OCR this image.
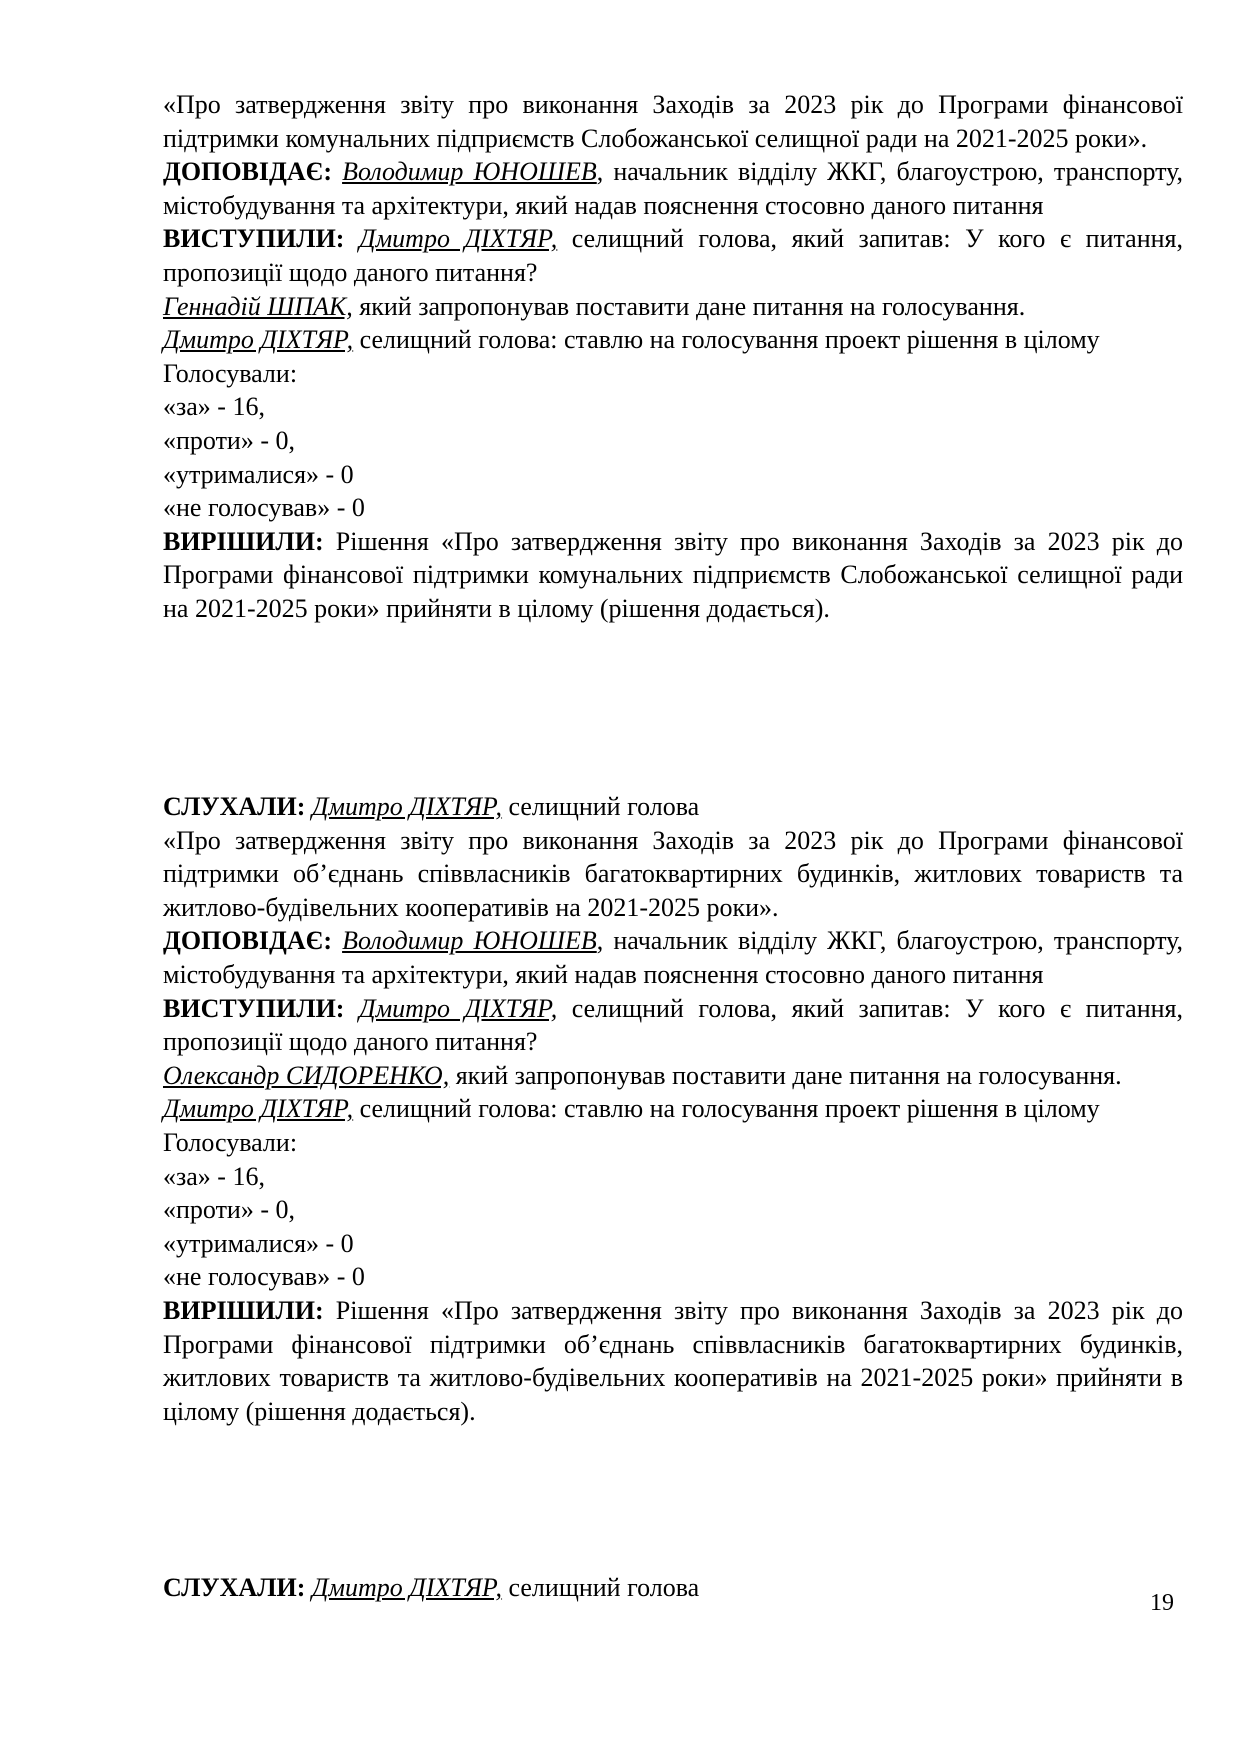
«Про затвердження звіту про виконання Заходів за 2023 рік до Програми фінансової підтримки комунальних підприємств Слобожанської селищної ради на 2021-2025 роки».

ДОПОВІДАЄ: Володимир ЮНОШЕВ, начальник відділу ЖКГ, благоустрою, транспорту, містобудування та архітектури, який надав пояснення стосовно даного питання

ВИСТУПИЛИ: Дмитро ДІХТЯР, селищний голова, який запитав: У кого є питання, пропозиції щодо даного питання?

Геннадій ШПАК, який запропонував поставити дане питання на голосування.

Дмитро ДІХТЯР, селищний голова: ставлю на голосування проект рішення в цілому

Голосували:

«за» - 16,

«проти» - 0,

«утрималися» - 0

«не голосував» - 0

ВИРІШИЛИ: Рішення «Про затвердження звіту про виконання Заходів за 2023 рік до Програми фінансової підтримки комунальних підприємств Слобожанської селищної ради на 2021-2025 роки» прийняти в цілому (рішення додається).

СЛУХАЛИ: Дмитро ДІХТЯР, селищний голова

«Про затвердження звіту про виконання Заходів за 2023 рік до Програми фінансової підтримки об’єднань співвласників багатоквартирних будинків, житлових товариств та житлово-будівельних кооперативів на 2021-2025 роки».

ДОПОВІДАЄ: Володимир ЮНОШЕВ, начальник відділу ЖКГ, благоустрою, транспорту, містобудування та архітектури, який надав пояснення стосовно даного питання

ВИСТУПИЛИ: Дмитро ДІХТЯР, селищний голова, який запитав: У кого є питання, пропозиції щодо даного питання?

Олександр СИДОРЕНКО, який запропонував поставити дане питання на голосування.

Дмитро ДІХТЯР, селищний голова: ставлю на голосування проект рішення в цілому

Голосували:

«за» - 16,

«проти» - 0,

«утрималися» - 0

«не голосував» - 0

ВИРІШИЛИ: Рішення «Про затвердження звіту про виконання Заходів за 2023 рік до Програми фінансової підтримки об’єднань співвласників багатоквартирних будинків, житлових товариств та житлово-будівельних кооперативів на 2021-2025 роки» прийняти в цілому (рішення додається).

СЛУХАЛИ: Дмитро ДІХТЯР, селищний голова

19
